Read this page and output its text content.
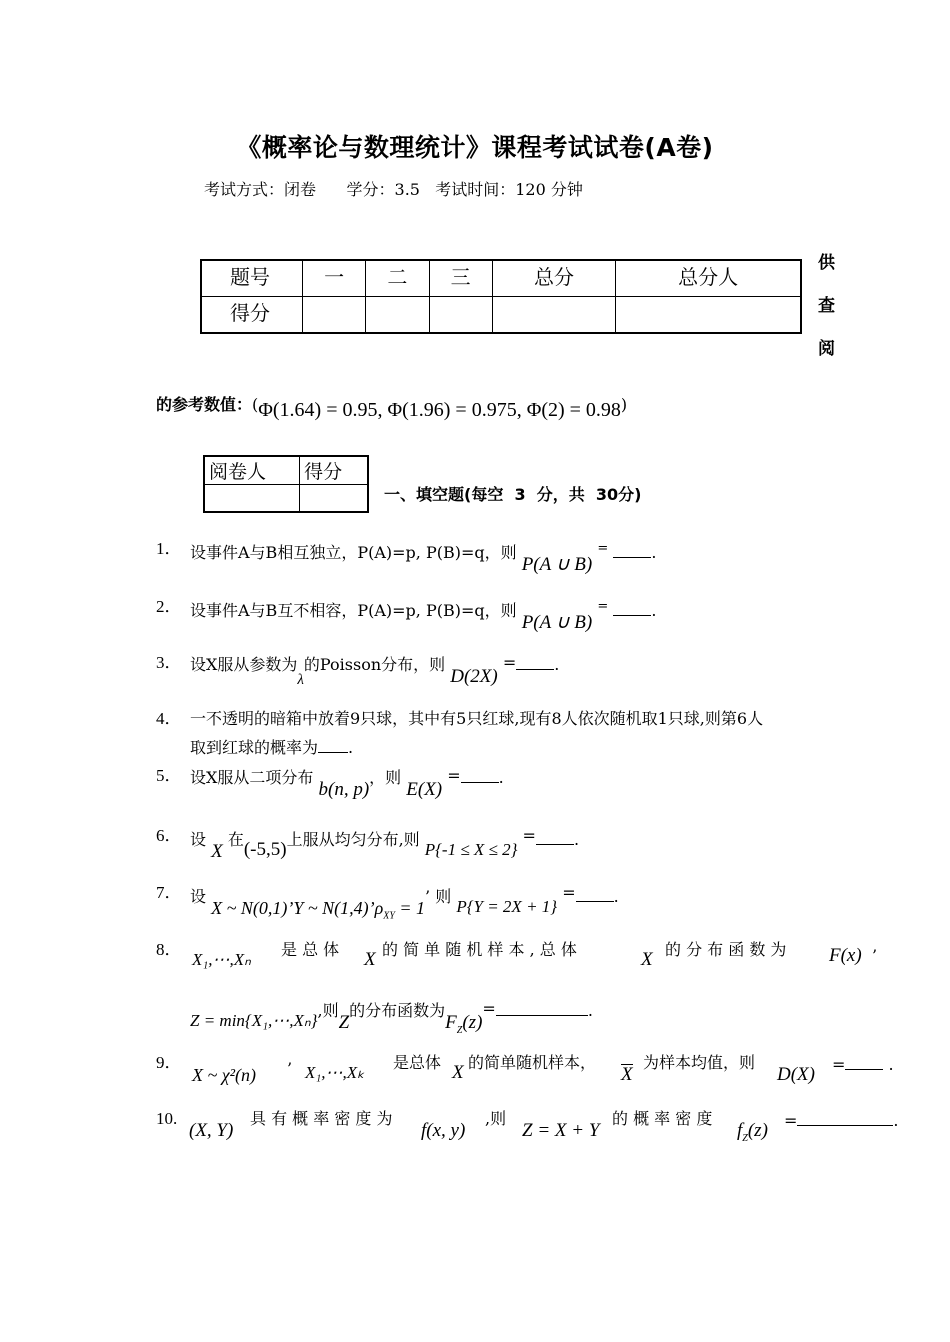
《概率论与数理统计》课程考试试卷(A卷)
考试方式：闭卷      学分：3.5   考试时间：120 分钟
题号	一	二	三	总分	总分人
得分					
供
查
阅
的参考数值：(Φ(1.64) = 0.95, Φ(1.96) = 0.975, Φ(2) = 0.98)
阅卷人	得分

一、填空题(每空  3  分，共  30分)
1． 设事件A与B相互独立，P(A)=p, P(B)=q，则 P(A ∪ B) =	.
2． 设事件A与B互不相容，P(A)=p, P(B)=q，则 P(A ∪ B) =	.
3． 设X服从参数为λ的Poisson分布，则 D(2X) = .
4． 一不透明的暗箱中放着9只球，其中有5只红球,现有8人依次随机取1只球,则第6人
取到红球的概率为 .
5． 设X服从二项分布 b(n, p)，则 E(X) = .
6． 设 X 在(-5,5)上服从均匀分布,则 P{-1 ≤ X ≤ 2} = .
7． 设 X ~ N(0,1)’Y ~ $N(1,4)’\rho_{XY} = 1$’ 则 P{Y = 2X + 1} = .
8．
X₁,⋯,Xₙ
是 总 体 X 的 简 单 随 机 样 本 , 总 体	X 的 分 布 函 数 为 F(x) ’
Z = min{X₁,⋯,Xₙ},则Z的分布函数为$F_Z(z)=$	.
9．
X ~ χ²(n) ’ X₁,⋯,Xₖ
是总体 X 的简单随机样本，
X
为样本均值，则
D(X) = .
10.
(X, Y)
具 有 概 率 密 度 为
f(x, y)
,则
Z = X + Y
的 概 率 密 度
$f_Z(z)$ =	.
